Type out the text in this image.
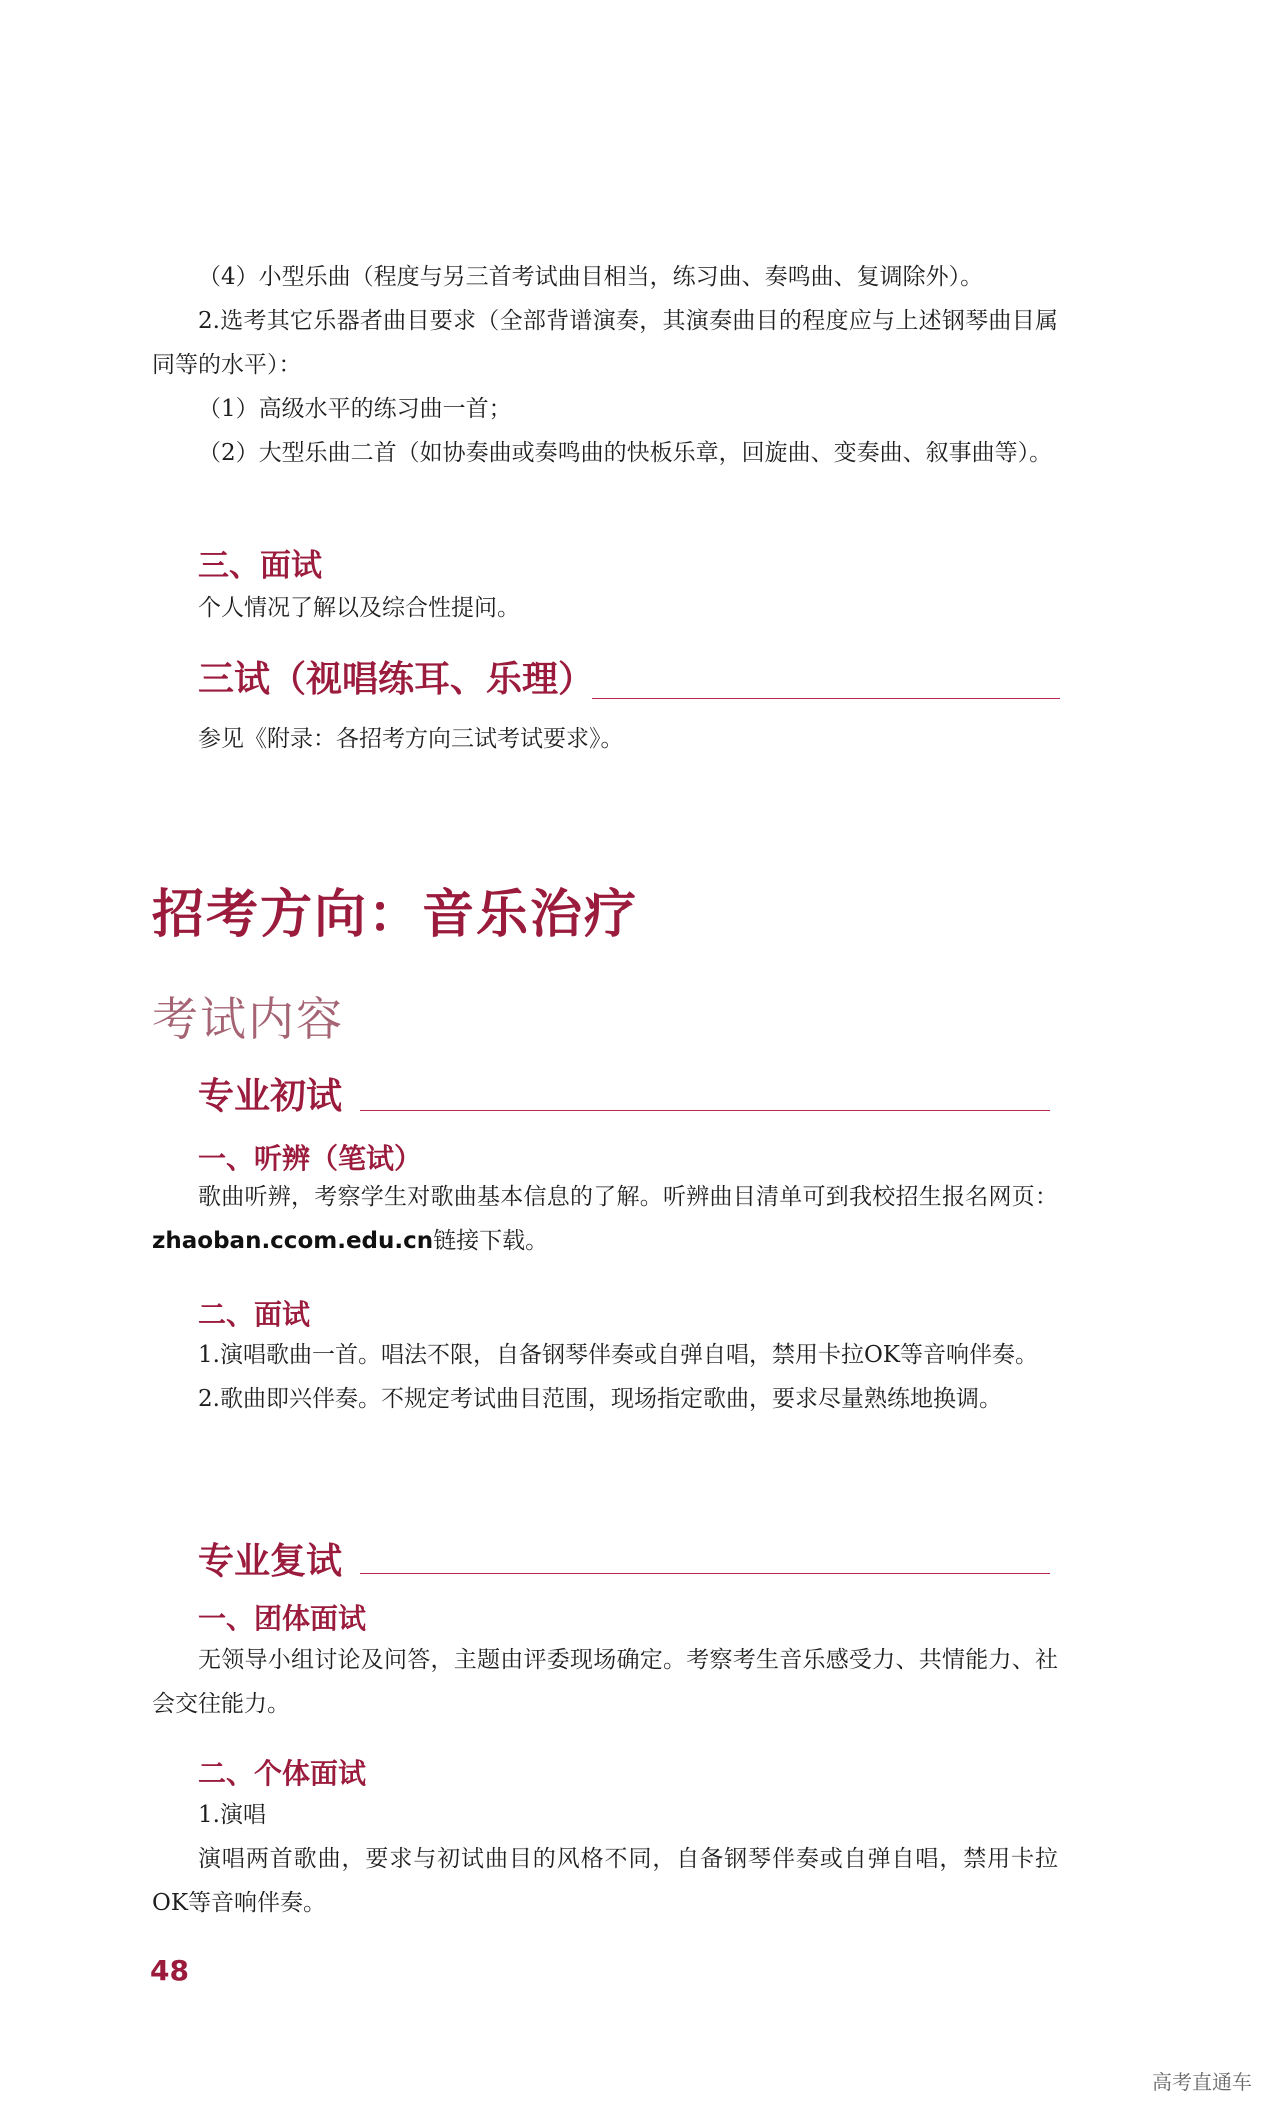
（4）小型乐曲（程度与另三首考试曲目相当，练习曲、奏鸣曲、复调除外）。

2.选考其它乐器者曲目要求（全部背谱演奏，其演奏曲目的程度应与上述钢琴曲目属同等的水平）：

（1）高级水平的练习曲一首；

（2）大型乐曲二首（如协奏曲或奏鸣曲的快板乐章，回旋曲、变奏曲、叙事曲等）。

三、面试

个人情况了解以及综合性提问。

三试（视唱练耳、乐理）

参见《附录：各招考方向三试考试要求》。

招考方向：音乐治疗
考试内容
专业初试
一、听辨（笔试）

歌曲听辨，考察学生对歌曲基本信息的了解。听辨曲目清单可到我校招生报名网页：zhaoban.ccom.edu.cn链接下载。

二、面试

1.演唱歌曲一首。唱法不限，自备钢琴伴奏或自弹自唱，禁用卡拉OK等音响伴奏。

2.歌曲即兴伴奏。不规定考试曲目范围，现场指定歌曲，要求尽量熟练地换调。

专业复试
一、团体面试

无领导小组讨论及问答，主题由评委现场确定。考察考生音乐感受力、共情能力、社会交往能力。

二、个体面试

1.演唱

演唱两首歌曲，要求与初试曲目的风格不同，自备钢琴伴奏或自弹自唱，禁用卡拉OK等音响伴奏。

48
高考直通车
